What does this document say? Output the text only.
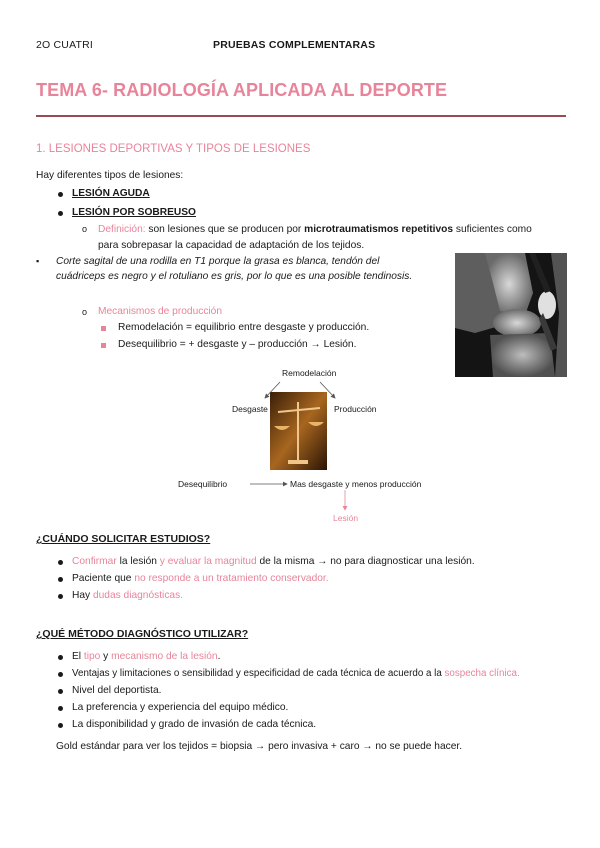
2O CUATRI	PRUEBAS COMPLEMENTARAS
TEMA 6- RADIOLOGÍA APLICADA AL DEPORTE
1. LESIONES DEPORTIVAS Y TIPOS DE LESIONES
Hay diferentes tipos de lesiones:
LESIÓN AGUDA
LESIÓN POR SOBREUSO
o Definición: son lesiones que se producen por microtraumatismos repetitivos suficientes como
para sobrepasar la capacidad de adaptación de los tejidos.
▪ Corte sagital de una rodilla en T1 porque la grasa es blanca, tendón del
cuádriceps es negro y el rotuliano es gris, por lo que es una posible tendinosis.
o Mecanismos de producción
Remodelación = equilibrio entre desgaste y producción.
Desequilibrio = + desgaste y – producción → Lesión.
Remodelación
Desgaste	Producción
Desequilibrio	Mas desgaste y menos producción
Lesión
¿CUÁNDO SOLICITAR ESTUDIOS?
Confirmar la lesión y evaluar la magnitud de la misma → no para diagnosticar una lesión.
Paciente que no responde a un tratamiento conservador.
Hay dudas diagnósticas.
¿QUÉ MÉTODO DIAGNÓSTICO UTILIZAR?
El tipo y mecanismo de la lesión.
Ventajas y limitaciones o sensibilidad y especificidad de cada técnica de acuerdo a la sospecha clínica.
Nivel del deportista.
La preferencia y experiencia del equipo médico.
La disponibilidad y grado de invasión de cada técnica.
Gold estándar para ver los tejidos = biopsia → pero invasiva + caro → no se puede hacer.
